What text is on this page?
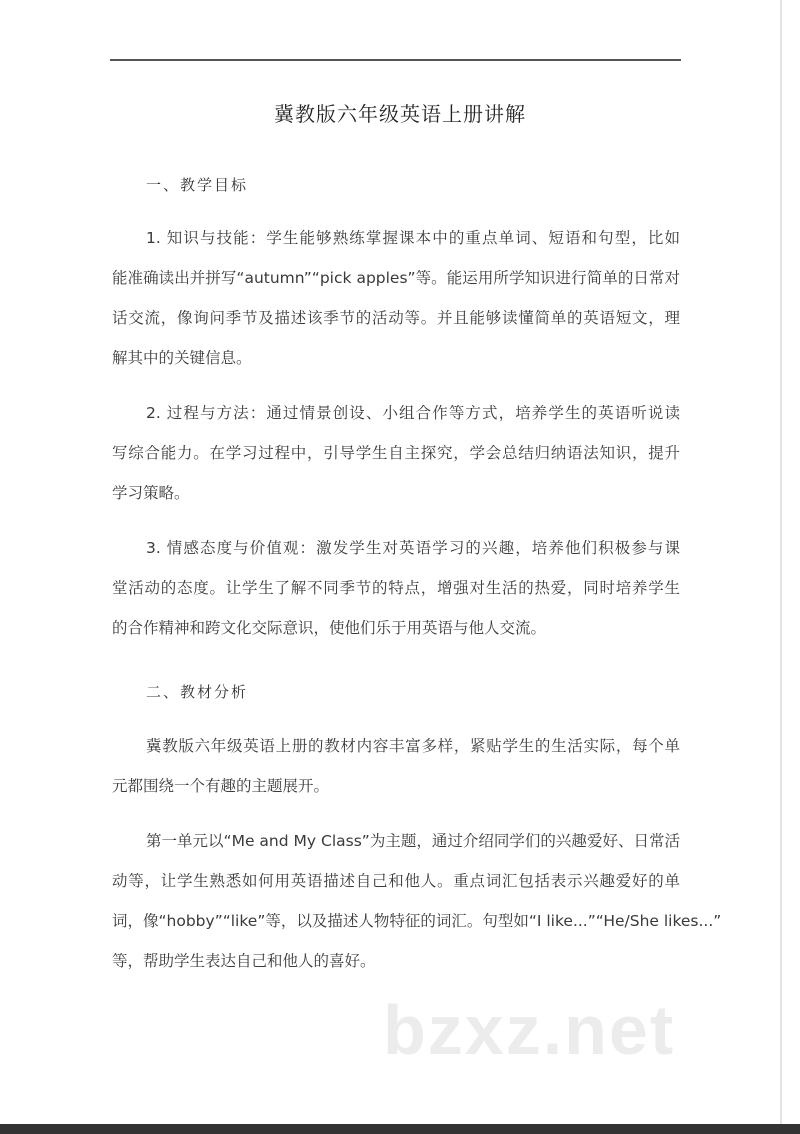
冀教版六年级英语上册讲解
一、教学目标
1. 知识与技能：学生能够熟练掌握课本中的重点单词、短语和句型，比如
能准确读出并拼写“autumn”“pick apples”等。能运用所学知识进行简单的日常对
话交流，像询问季节及描述该季节的活动等。并且能够读懂简单的英语短文，理
解其中的关键信息。
2. 过程与方法：通过情景创设、小组合作等方式，培养学生的英语听说读
写综合能力。在学习过程中，引导学生自主探究，学会总结归纳语法知识，提升
学习策略。
3. 情感态度与价值观：激发学生对英语学习的兴趣，培养他们积极参与课
堂活动的态度。让学生了解不同季节的特点，增强对生活的热爱，同时培养学生
的合作精神和跨文化交际意识，使他们乐于用英语与他人交流。
二、教材分析
冀教版六年级英语上册的教材内容丰富多样，紧贴学生的生活实际，每个单
元都围绕一个有趣的主题展开。
第一单元以“Me and My Class”为主题，通过介绍同学们的兴趣爱好、日常活
动等，让学生熟悉如何用英语描述自己和他人。重点词汇包括表示兴趣爱好的单
词，像“hobby”“like”等，以及描述人物特征的词汇。句型如“I like...”“He/She likes...”
等，帮助学生表达自己和他人的喜好。
bzxz.net
